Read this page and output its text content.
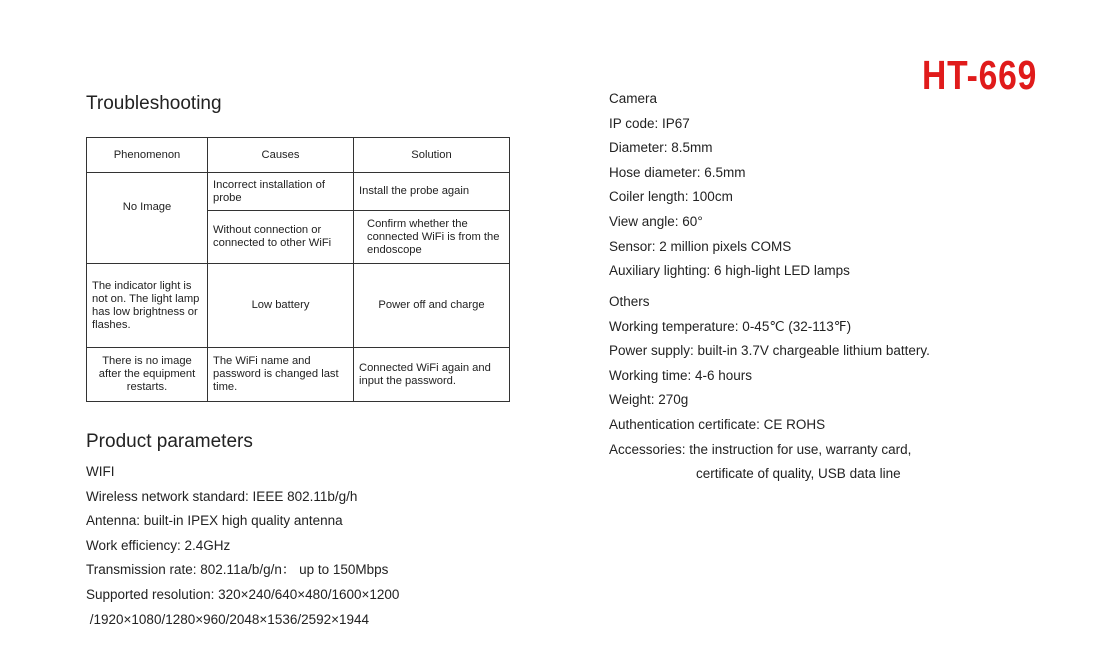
HT-669
Troubleshooting
Phenomenon	Causes	Solution
No Image	Incorrect installation of probe	Install the probe again
	Without connection or connected to other WiFi	Confirm whether the connected WiFi is from the endoscope
The indicator light is not on. The light lamp has low brightness or flashes.	Low battery	Power off and charge
There is no image after the equipment restarts.	The WiFi name and password is changed last time.	Connected WiFi again and input the password.
Product parameters
WIFI
Wireless network standard: IEEE 802.11b/g/h
Antenna: built-in IPEX high quality antenna
Work efficiency: 2.4GHz
Transmission rate: 802.11a/b/g/n： up to 150Mbps
Supported resolution: 320×240/640×480/1600×1200
/1920×1080/1280×960/2048×1536/2592×1944
Camera
IP code: IP67
Diameter: 8.5mm
Hose diameter: 6.5mm
Coiler length: 100cm
View angle: 60°
Sensor: 2 million pixels COMS
Auxiliary lighting: 6 high-light LED lamps
Others
Working temperature: 0-45℃ (32-113℉)
Power supply: built-in 3.7V chargeable lithium battery.
Working time: 4-6 hours
Weight: 270g
Authentication certificate: CE ROHS
Accessories: the instruction for use, warranty card,
certificate of quality, USB data line
